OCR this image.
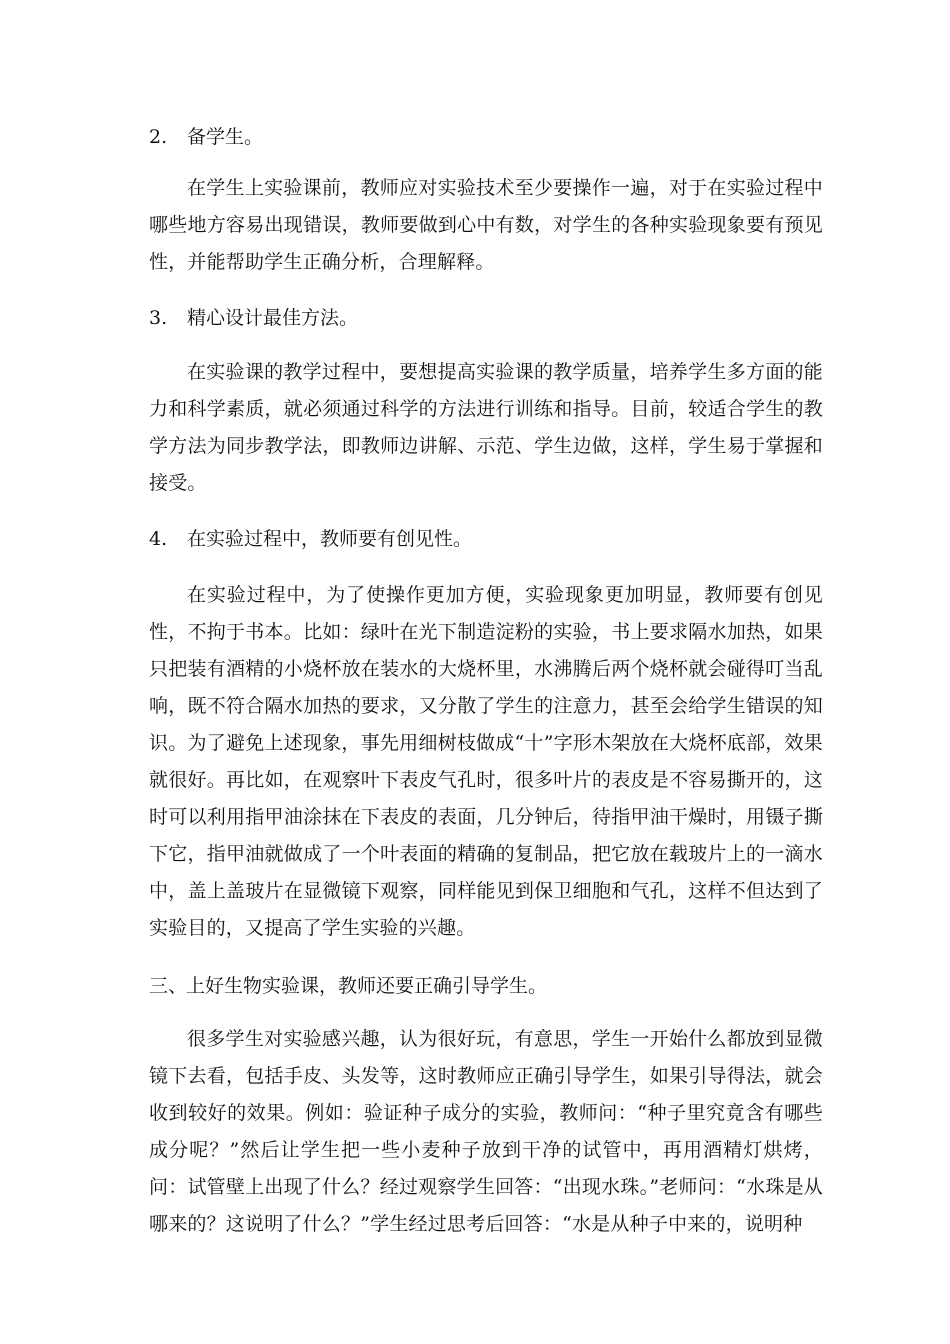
2. 备学生。
在学生上实验课前，教师应对实验技术至少要操作一遍，对于在实验过程中哪些地方容易出现错误，教师要做到心中有数，对学生的各种实验现象要有预见性，并能帮助学生正确分析，合理解释。
3. 精心设计最佳方法。
在实验课的教学过程中，要想提高实验课的教学质量，培养学生多方面的能力和科学素质，就必须通过科学的方法进行训练和指导。目前，较适合学生的教学方法为同步教学法，即教师边讲解、示范、学生边做，这样，学生易于掌握和接受。
4. 在实验过程中，教师要有创见性。
在实验过程中，为了使操作更加方便，实验现象更加明显，教师要有创见性，不拘于书本。比如：绿叶在光下制造淀粉的实验，书上要求隔水加热，如果只把装有酒精的小烧杯放在装水的大烧杯里，水沸腾后两个烧杯就会碰得叮当乱响，既不符合隔水加热的要求，又分散了学生的注意力，甚至会给学生错误的知识。为了避免上述现象，事先用细树枝做成“十”字形木架放在大烧杯底部，效果就很好。再比如，在观察叶下表皮气孔时，很多叶片的表皮是不容易撕开的，这时可以利用指甲油涂抹在下表皮的表面，几分钟后，待指甲油干燥时，用镊子撕下它，指甲油就做成了一个叶表面的精确的复制品，把它放在载玻片上的一滴水中，盖上盖玻片在显微镜下观察，同样能见到保卫细胞和气孔，这样不但达到了实验目的，又提高了学生实验的兴趣。
三、上好生物实验课，教师还要正确引导学生。
很多学生对实验感兴趣，认为很好玩，有意思，学生一开始什么都放到显微镜下去看，包括手皮、头发等，这时教师应正确引导学生，如果引导得法，就会收到较好的效果。例如：验证种子成分的实验，教师问：“种子里究竟含有哪些成分呢？”然后让学生把一些小麦种子放到干净的试管中，再用酒精灯烘烤，问：试管壁上出现了什么？经过观察学生回答：“出现水珠。”老师问：“水珠是从哪来的？这说明了什么？”学生经过思考后回答：“水是从种子中来的，说明种
